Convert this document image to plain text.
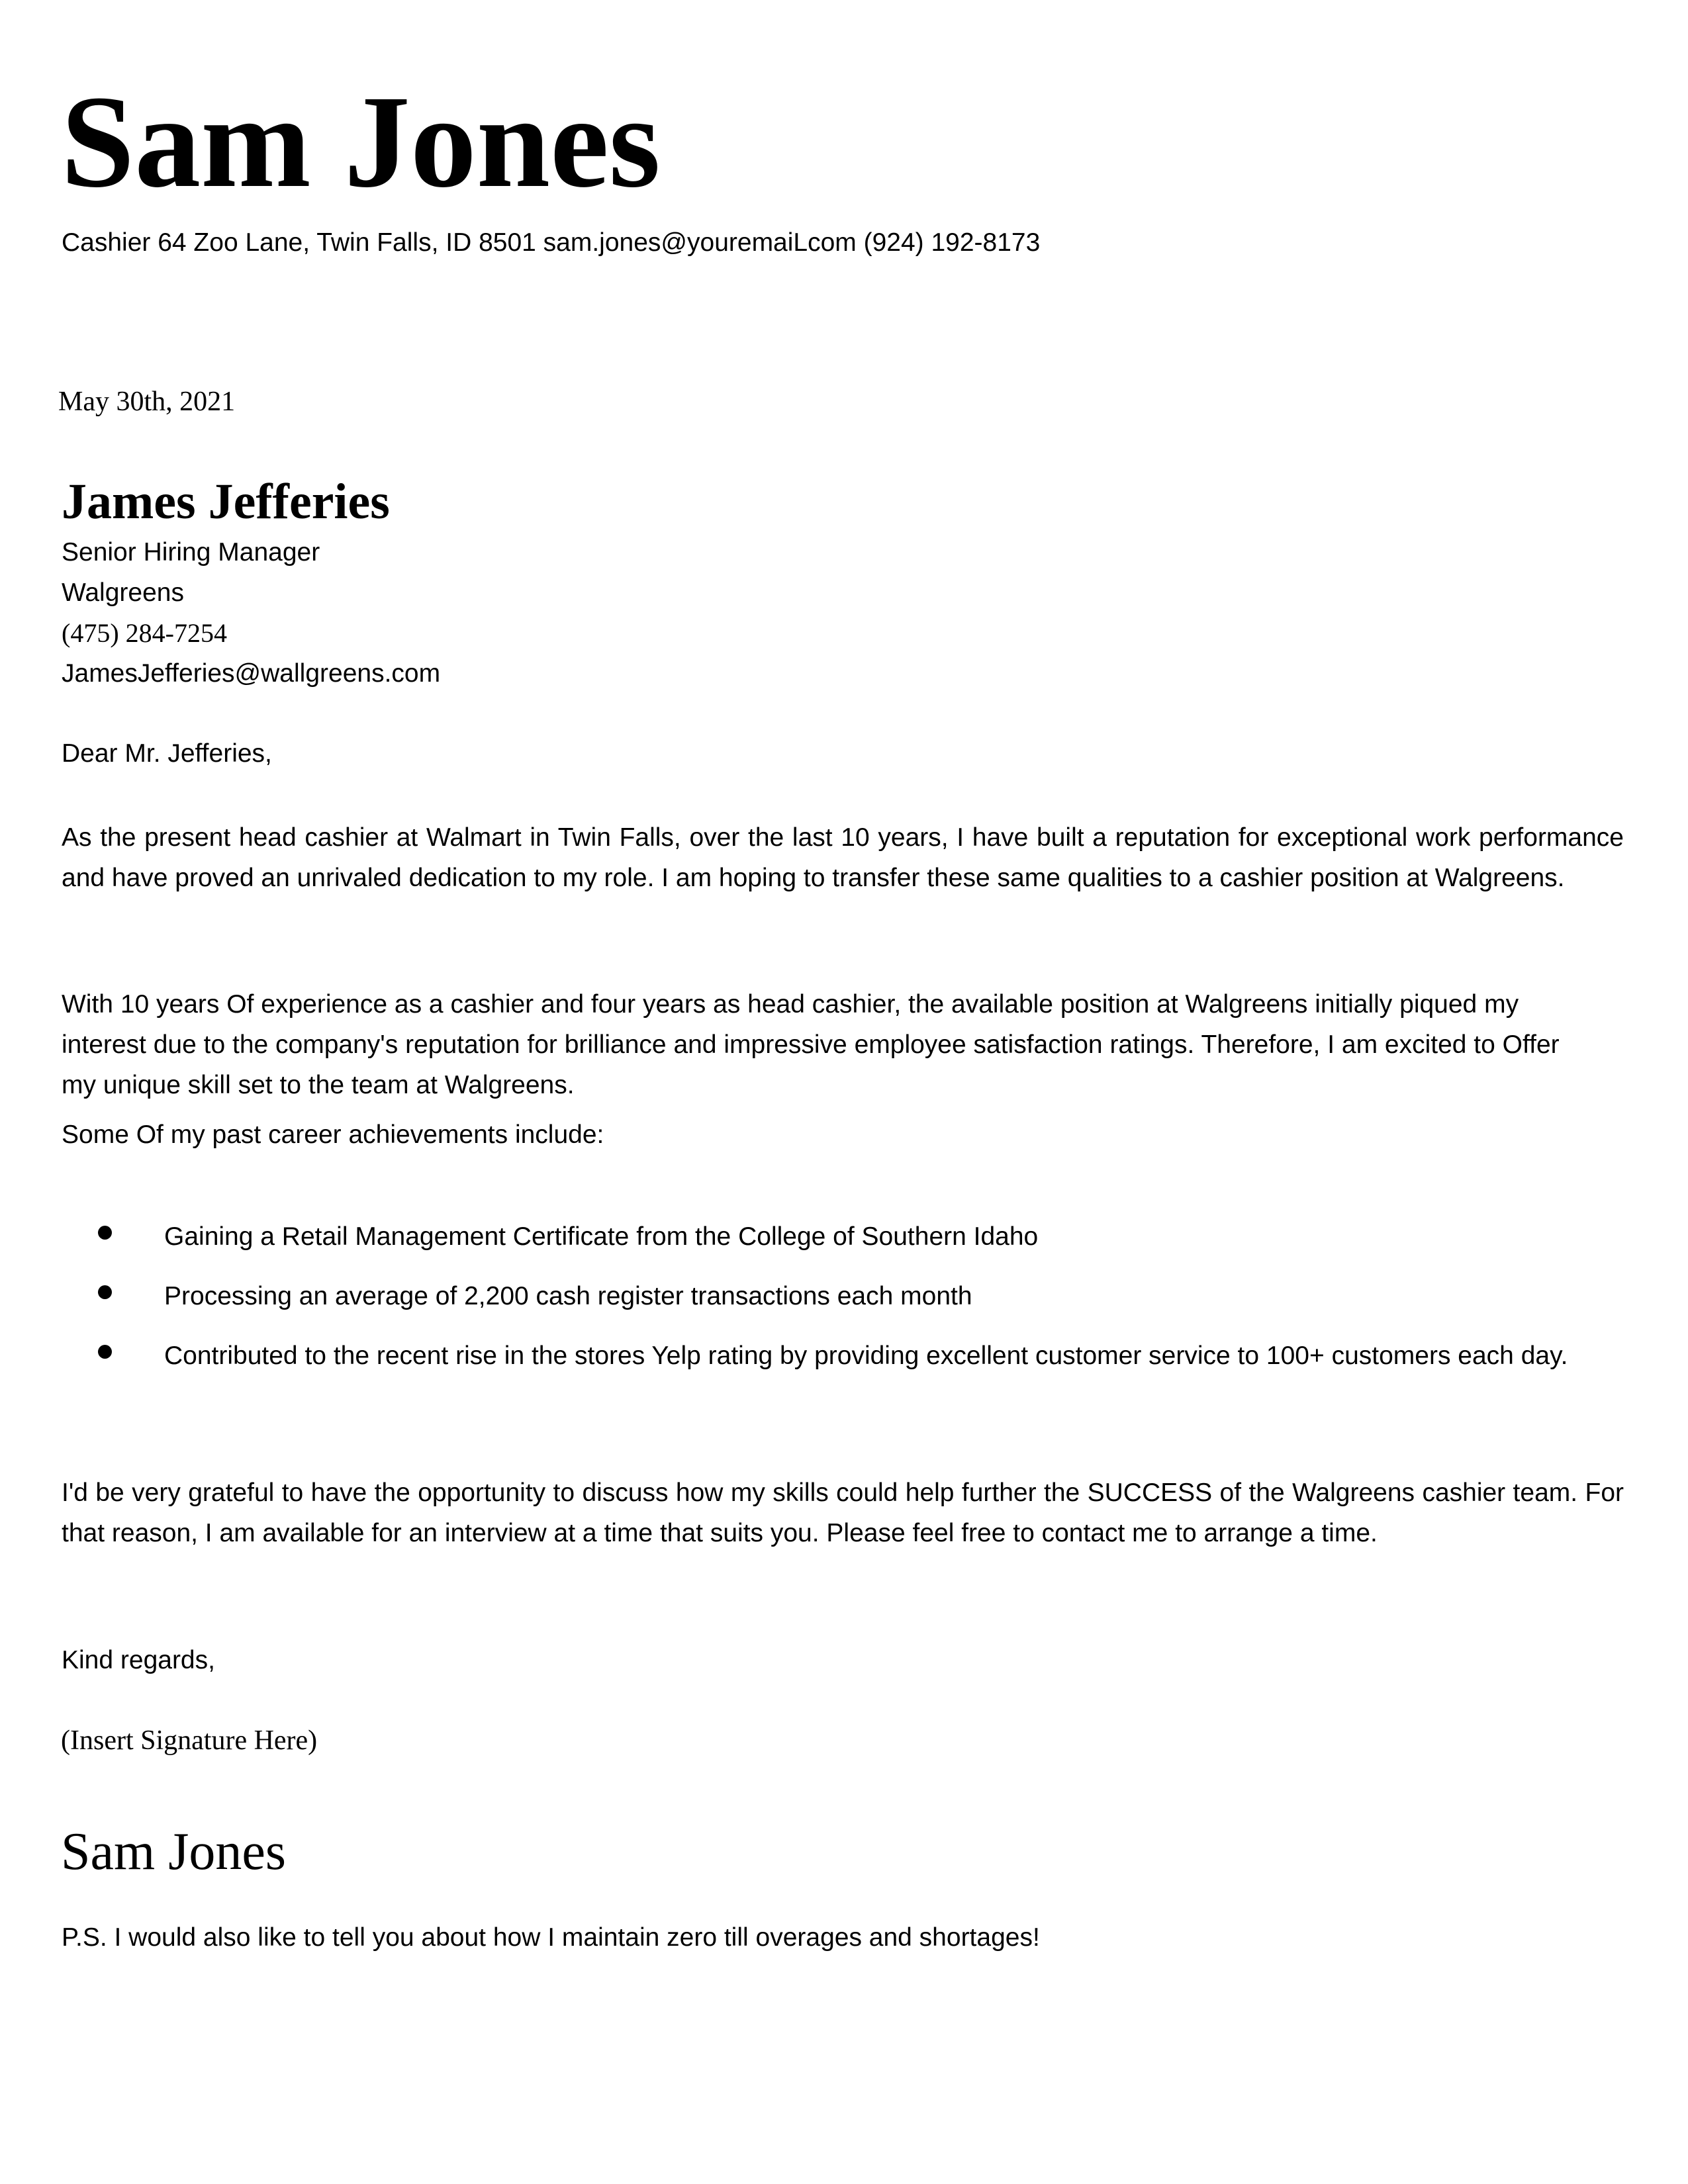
Sam Jones

Cashier 64 Zoo Lane, Twin Falls, ID 8501 sam.jones@youremaiLcom (924) 192-8173

May 30th, 2021

James Jefferies

Senior Hiring Manager

Walgreens

(475) 284-7254

JamesJefferies@wallgreens.com

Dear Mr. Jefferies,

As the present head cashier at Walmart in Twin Falls, over the last 10 years, I have built a reputation for exceptional work performance and have proved an unrivaled dedication to my role. I am hoping to transfer these same qualities to a cashier position at Walgreens.

With 10 years Of experience as a cashier and four years as head cashier, the available position at Walgreens initially piqued my interest due to the company's reputation for brilliance and impressive employee satisfaction ratings. Therefore, I am excited to Offer my unique skill set to the team at Walgreens.

Some Of my past career achievements include:

Gaining a Retail Management Certificate from the College of Southern Idaho
Processing an average of 2,200 cash register transactions each month
Contributed to the recent rise in the stores Yelp rating by providing excellent customer service to 100+ customers each day.

I'd be very grateful to have the opportunity to discuss how my skills could help further the SUCCESS of the Walgreens cashier team. For that reason, I am available for an interview at a time that suits you. Please feel free to contact me to arrange a time.

Kind regards,

(Insert Signature Here)

Sam Jones

P.S. I would also like to tell you about how I maintain zero till overages and shortages!
